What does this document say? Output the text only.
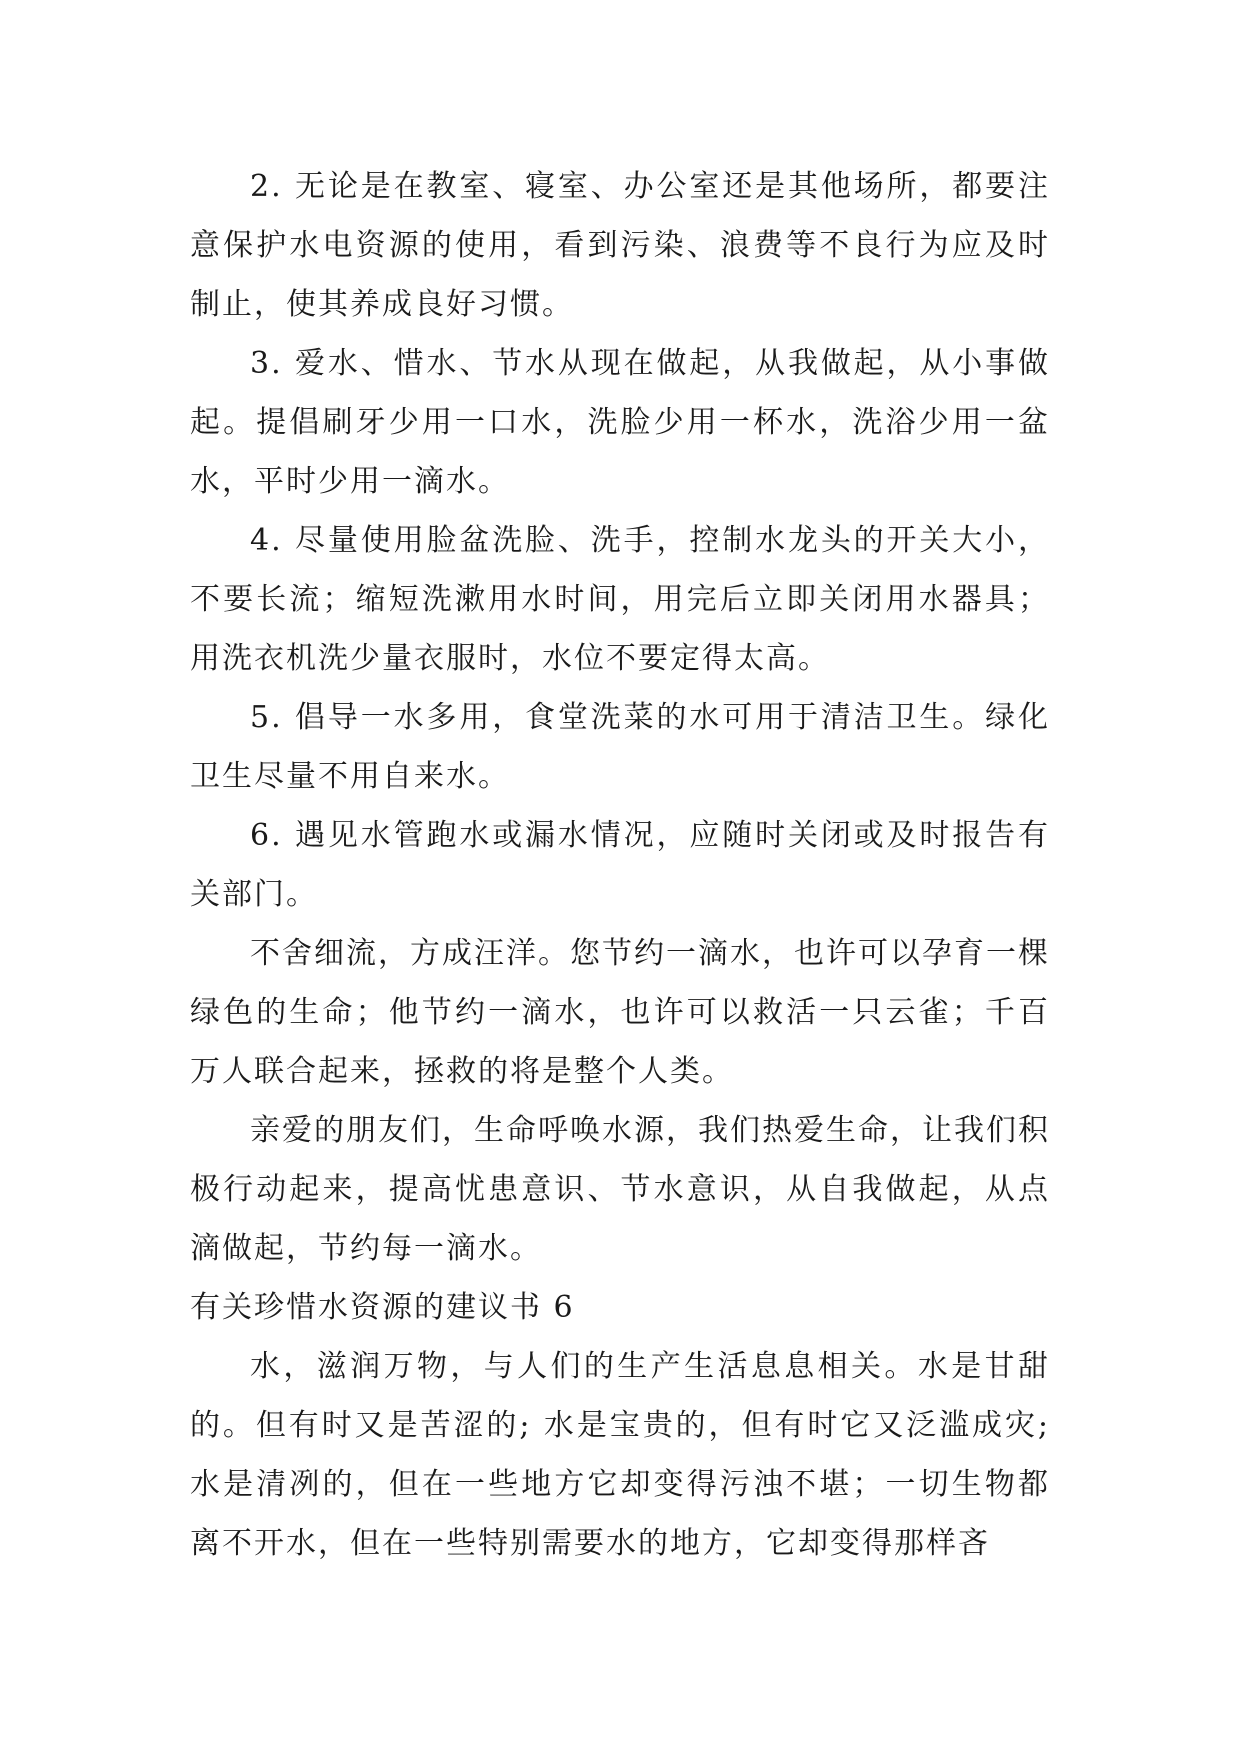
2. 无论是在教室、寝室、办公室还是其他场所，都要注意保护水电资源的使用，看到污染、浪费等不良行为应及时制止，使其养成良好习惯。

3. 爱水、惜水、节水从现在做起，从我做起，从小事做起。提倡刷牙少用一口水，洗脸少用一杯水，洗浴少用一盆水，平时少用一滴水。

4. 尽量使用脸盆洗脸、洗手，控制水龙头的开关大小，不要长流；缩短洗漱用水时间，用完后立即关闭用水器具；用洗衣机洗少量衣服时，水位不要定得太高。

5. 倡导一水多用，食堂洗菜的水可用于清洁卫生。绿化卫生尽量不用自来水。

6. 遇见水管跑水或漏水情况，应随时关闭或及时报告有关部门。

不舍细流，方成汪洋。您节约一滴水，也许可以孕育一棵绿色的生命；他节约一滴水，也许可以救活一只云雀；千百万人联合起来，拯救的将是整个人类。

亲爱的朋友们，生命呼唤水源，我们热爱生命，让我们积极行动起来，提高忧患意识、节水意识，从自我做起，从点滴做起，节约每一滴水。

有关珍惜水资源的建议书 6

水，滋润万物，与人们的生产生活息息相关。水是甘甜的。但有时又是苦涩的; 水是宝贵的，但有时它又泛滥成灾; 水是清冽的，但在一些地方它却变得污浊不堪；一切生物都离不开水，但在一些特别需要水的地方，它却变得那样吝
